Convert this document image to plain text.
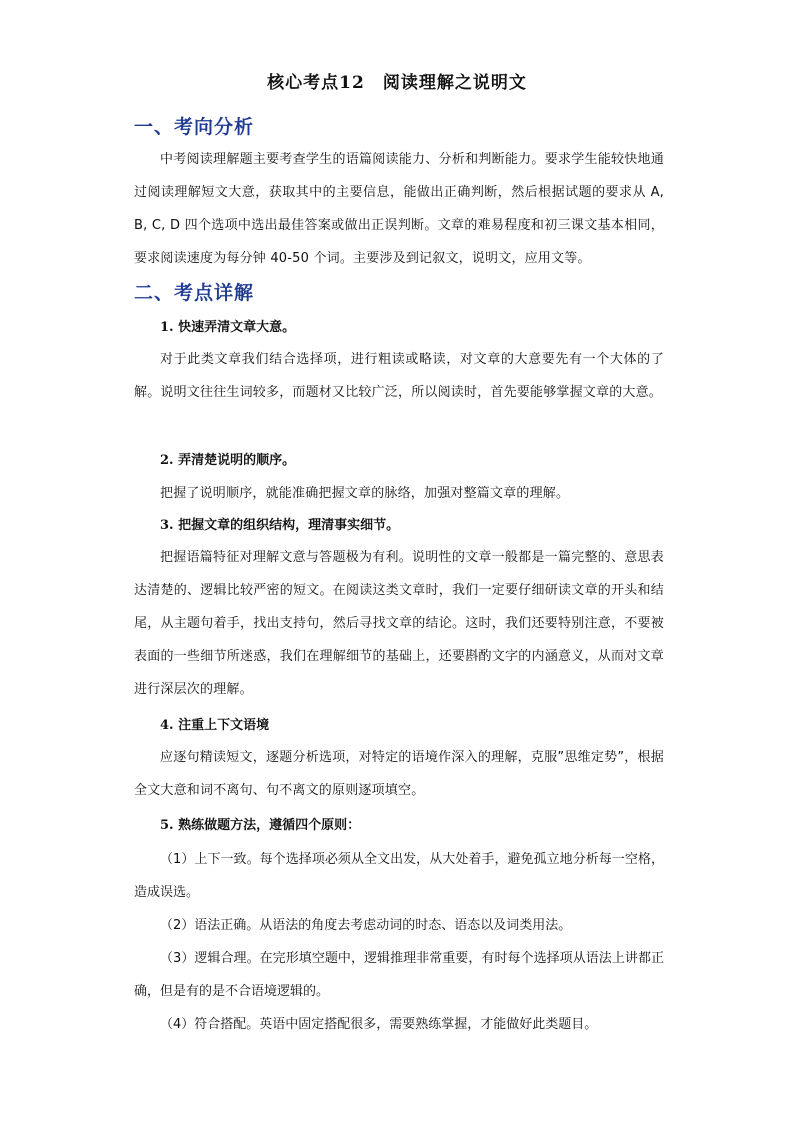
核心考点12　阅读理解之说明文
一、考向分析
中考阅读理解题主要考查学生的语篇阅读能力、分析和判断能力。要求学生能较快地通过阅读理解短文大意，获取其中的主要信息，能做出正确判断，然后根据试题的要求从 A, B, C, D 四个选项中选出最佳答案或做出正误判断。文章的难易程度和初三课文基本相同，要求阅读速度为每分钟 40-50 个词。主要涉及到记叙文，说明文，应用文等。
二、考点详解
1. 快速弄清文章大意。
对于此类文章我们结合选择项，进行粗读或略读，对文章的大意要先有一个大体的了解。说明文往往生词较多，而题材又比较广泛，所以阅读时，首先要能够掌握文章的大意。
2. 弄清楚说明的顺序。
把握了说明顺序，就能准确把握文章的脉络，加强对整篇文章的理解。
3. 把握文章的组织结构，理清事实细节。
把握语篇特征对理解文意与答题极为有利。说明性的文章一般都是一篇完整的、意思表达清楚的、逻辑比较严密的短文。在阅读这类文章时，我们一定要仔细研读文章的开头和结尾，从主题句着手，找出支持句，然后寻找文章的结论。这时，我们还要特别注意，不要被表面的一些细节所迷惑，我们在理解细节的基础上，还要斟酌文字的内涵意义，从而对文章进行深层次的理解。
4. 注重上下文语境
应逐句精读短文，逐题分析选项，对特定的语境作深入的理解，克服”思维定势”，根据全文大意和词不离句、句不离文的原则逐项填空。
5. 熟练做题方法，遵循四个原则：
（1）上下一致。每个选择项必须从全文出发，从大处着手，避免孤立地分析每一空格，造成误选。
（2）语法正确。从语法的角度去考虑动词的时态、语态以及词类用法。
（3）逻辑合理。在完形填空题中，逻辑推理非常重要，有时每个选择项从语法上讲都正确，但是有的是不合语境逻辑的。
（4）符合搭配。英语中固定搭配很多，需要熟练掌握，才能做好此类题目。
